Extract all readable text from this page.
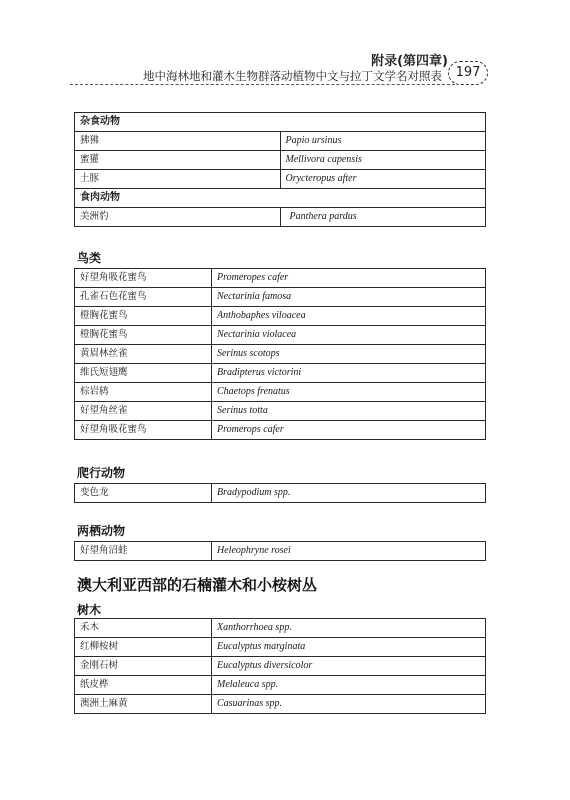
附录(第四章)
地中海林地和灌木生物群落动植物中文与拉丁文学名对照表	197
杂食动物	
狒狒	Papio ursinus
蜜獾	Mellivora capensis
土豚	Orycteropus after
食肉动物	
美洲豹	Panthera pardus
鸟类
好望角吸花蜜鸟	Promeropes cafer
孔雀石色花蜜鸟	Nectarinia famosa
橙胸花蜜鸟	Anthobaphes viloacea
橙胸花蜜鸟	Nectarinia violacea
黄眉林丝雀	Serinus scotops
维氏短翅鹰	Bradipterus victorini
棕岩鸫	Chaetops frenatus
好望角丝雀	Serinus totta
好望角吸花蜜鸟	Promerops cafer
爬行动物
变色龙	Bradypodium spp.
两栖动物
好望角沼蛙	Heleophryne rosei
澳大利亚西部的石楠灌木和小桉树丛
树木
禾木	Xanthorrhoea spp.
红柳桉树	Eucalyptus marginata
金刚石树	Eucalyptus diversicolor
纸皮桦	Melaleuca spp.
澳洲土麻黄	Casuarinas spp.
